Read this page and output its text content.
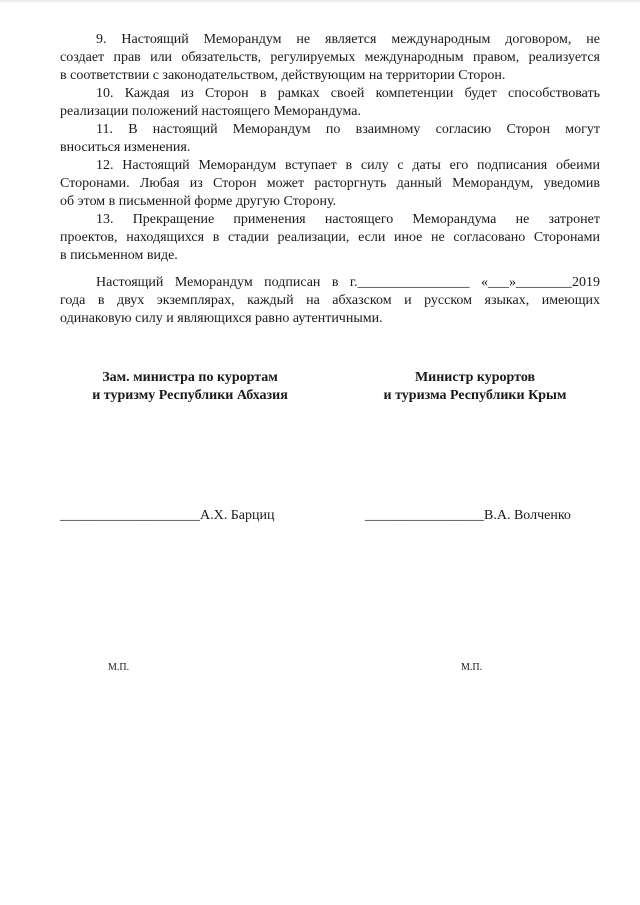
9. Настоящий Меморандум не является международным договором, не
создает прав или обязательств, регулируемых международным правом, реализуется
в соответствии с законодательством, действующим на территории Сторон.
10. Каждая из Сторон в рамках своей компетенции будет способствовать
реализации положений настоящего Меморандума.
11. В настоящий Меморандум по взаимному согласию Сторон могут
вноситься изменения.
12. Настоящий Меморандум вступает в силу с даты его подписания обеими
Сторонами. Любая из Сторон может расторгнуть данный Меморандум, уведомив
об этом в письменной форме другую Сторону.
13. Прекращение применения настоящего Меморандума не затронет
проектов, находящихся в стадии реализации, если иное не согласовано Сторонами
в письменном виде.
Настоящий Меморандум подписан в г.________________ «___»________2019
года в двух экземплярах, каждый на абхазском и русском языках, имеющих
одинаковую силу и являющихся равно аутентичными.
Зам. министра по курортам
и туризму Республики Абхазия
Министр курортов
и туризма Республики Крым
____________________А.Х. Барциц	_________________В.А. Волченко
М.П.	М.П.
